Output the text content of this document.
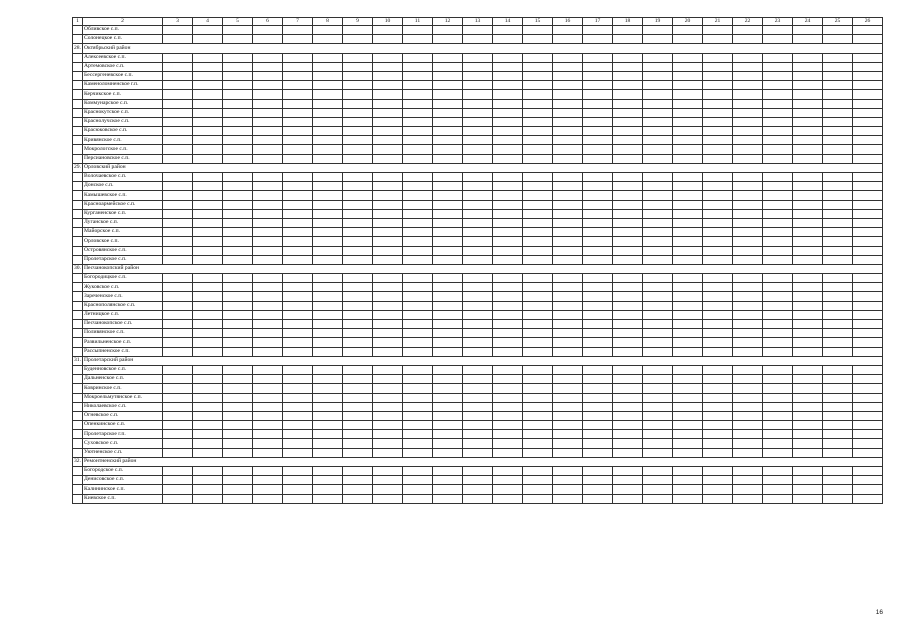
1	2	3	4	5	6	7	8	9	10	11	12	13	14	15	16	17	18	19	20	21	22	23	24	25	26
	Обливское с.п.																								
	Солонецкое с.п.																								
28.	Октябрьский район																								
	Алексеевское с.п.																								
	Артемовское с.п.																								
	Бессергеневское с.п.																								
	Каменоломненское г.п.																								
	Керчикское с.п.																								
	Коммунарское с.п.																								
	Краснокутское с.п.																								
	Краснолучское с.п.																								
	Красюковское с.п.																								
	Кривянское с.п.																								
	Мокрологское с.п.																								
	Персиановское с.п.																								
29.	Орловский район																								
	Волочаевское с.п.																								
	Донское с.п.																								
	Камышевское с.п.																								
	Красноармейское с.п.																								
	Курганенское с.п.																								
	Луганское с.п.																								
	Майорское с.п.																								
	Орловское с.п.																								
	Островянское с.п.																								
	Пролетарское с.п.																								
30.	Песчанокопский район																								
	Богородицкое с.п.																								
	Жуковское с.п.																								
	Зареченское с.п.																								
	Краснополянское с.п.																								
	Летницкое с.п.																								
	Песчанокопское с.п.																								
	Поливянское с.п.																								
	Развильненское с.п.																								
	Рассыпненское с.п.																								
31.	Пролетарский район																								
	Буденновское с.п.																								
	Дальненское с.п.																								
	Ковринское с.п.																								
	Мокроельмутянское с.п.																								
	Николаевское с.п.																								
	Огневское с.п.																								
	Опенкинское с.п.																								
	Пролетарское г.п.																								
	Суховское с.п.																								
	Уютненское с.п.																								
32.	Ремонтненский район																								
	Богородское с.п.																								
	Денисовское с.п.																								
	Калининское с.п.																								
	Киевское с.п.																								
16
